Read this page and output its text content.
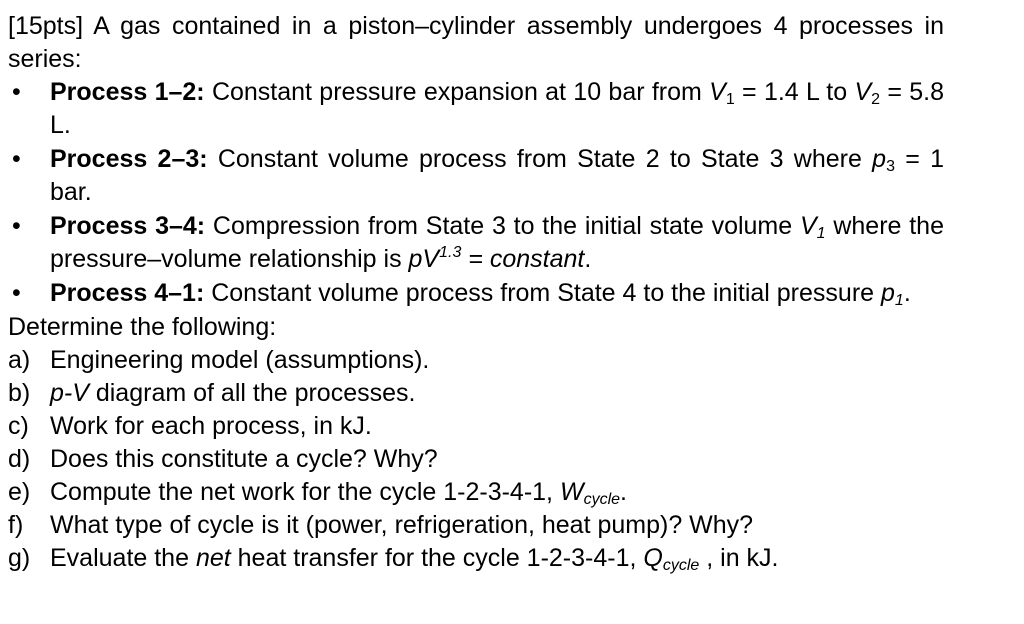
[15pts] A gas contained in a piston–cylinder assembly undergoes 4 processes in series:

• Process 1–2: Constant pressure expansion at 10 bar from $V_1 = 1.4$ L to $V_2 = 5.8$ L.
• Process 2–3: Constant volume process from State 2 to State 3 where $p_3 = 1$ bar.
• Process 3–4: Compression from State 3 to the initial state volume $V_1$ where the pressure–volume relationship is $pV^{1.3}$ = constant.
• Process 4–1: Constant volume process from State 4 to the initial pressure $p_1$.

Determine the following:

a) Engineering model (assumptions).
b) p-V diagram of all the processes.
c) Work for each process, in kJ.
d) Does this constitute a cycle? Why?
e) Compute the net work for the cycle 1-2-3-4-1, $W_{cycle}$.
f) What type of cycle is it (power, refrigeration, heat pump)? Why?
g) Evaluate the net heat transfer for the cycle 1-2-3-4-1, $Q_{cycle}$ , in kJ.
